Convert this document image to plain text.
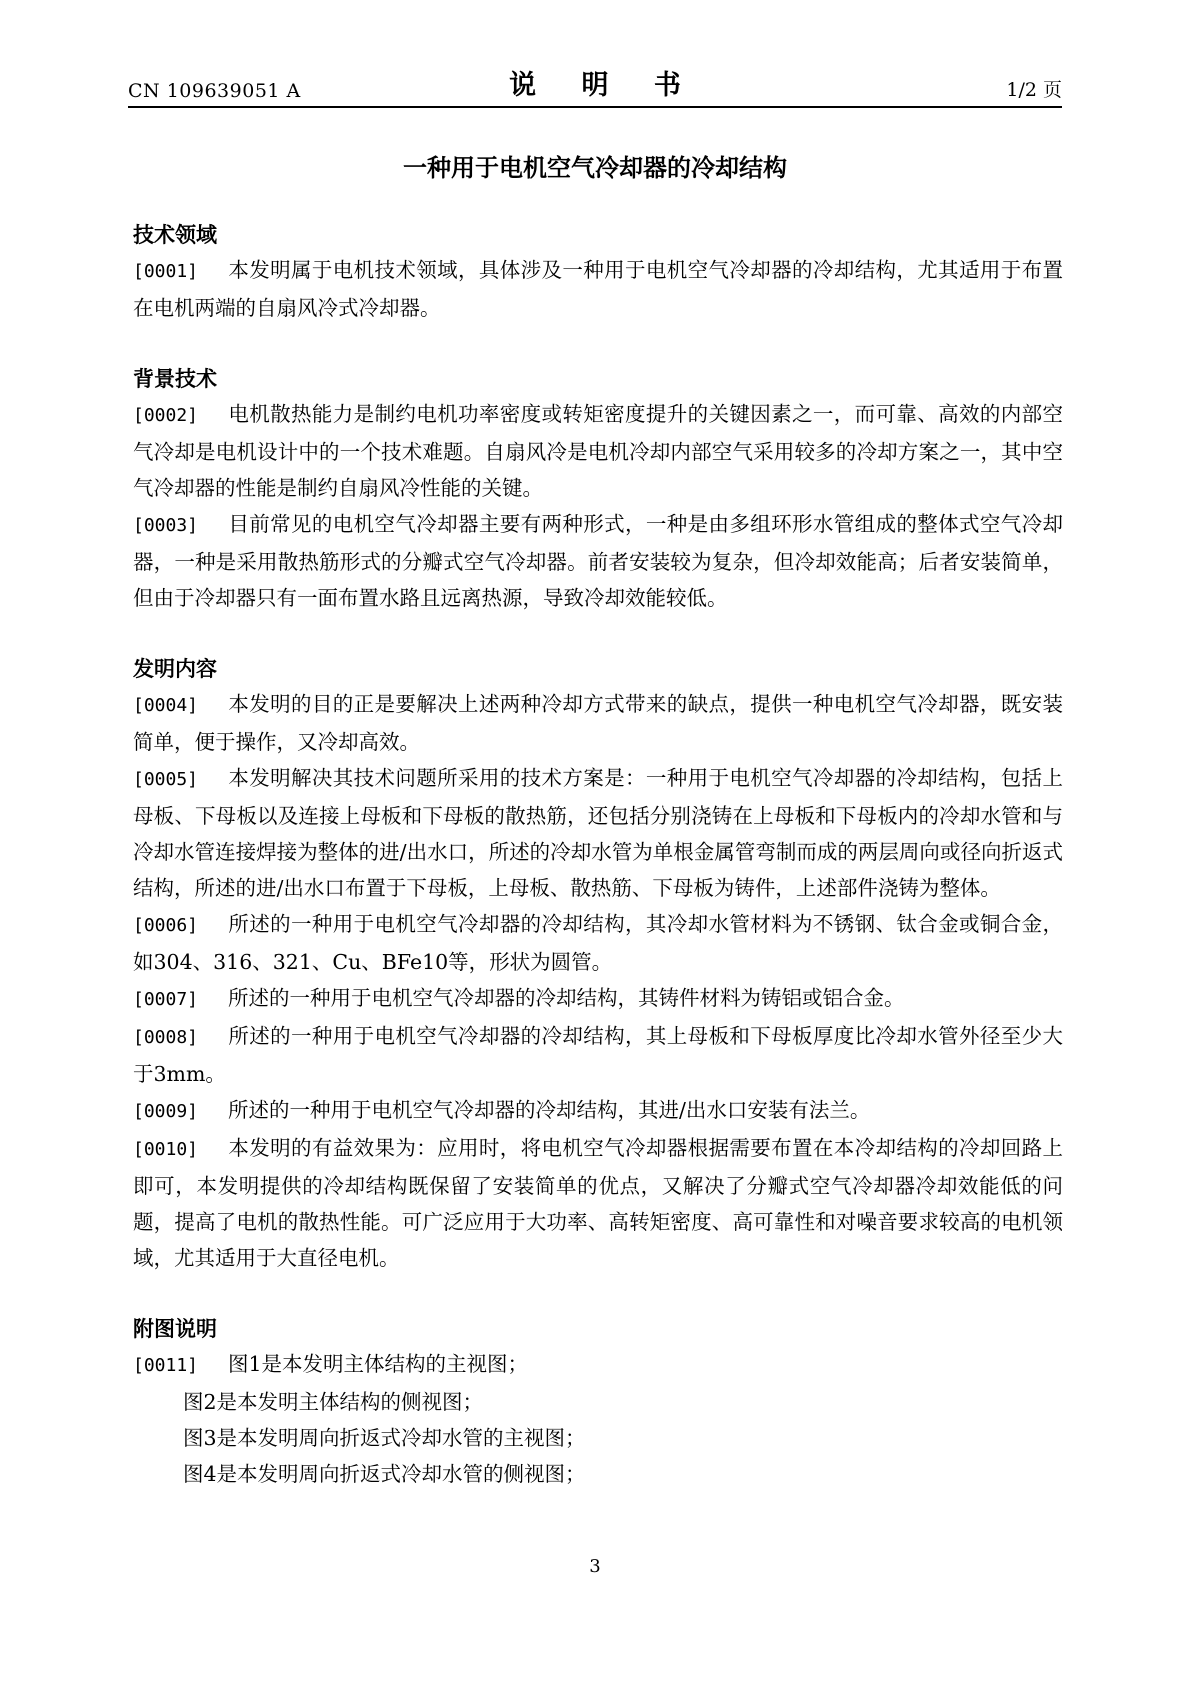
CN 109639051 A	说 明 书	1/2 页
一种用于电机空气冷却器的冷却结构
技术领域
[0001] 本发明属于电机技术领域，具体涉及一种用于电机空气冷却器的冷却结构，尤其适用于布置在电机两端的自扇风冷式冷却器。
背景技术
[0002] 电机散热能力是制约电机功率密度或转矩密度提升的关键因素之一，而可靠、高效的内部空气冷却是电机设计中的一个技术难题。自扇风冷是电机冷却内部空气采用较多的冷却方案之一，其中空气冷却器的性能是制约自扇风冷性能的关键。
[0003] 目前常见的电机空气冷却器主要有两种形式，一种是由多组环形水管组成的整体式空气冷却器，一种是采用散热筋形式的分瓣式空气冷却器。前者安装较为复杂，但冷却效能高；后者安装简单，但由于冷却器只有一面布置水路且远离热源，导致冷却效能较低。
发明内容
[0004] 本发明的目的正是要解决上述两种冷却方式带来的缺点，提供一种电机空气冷却器，既安装简单，便于操作，又冷却高效。
[0005] 本发明解决其技术问题所采用的技术方案是：一种用于电机空气冷却器的冷却结构，包括上母板、下母板以及连接上母板和下母板的散热筋，还包括分别浇铸在上母板和下母板内的冷却水管和与冷却水管连接焊接为整体的进/出水口，所述的冷却水管为单根金属管弯制而成的两层周向或径向折返式结构，所述的进/出水口布置于下母板，上母板、散热筋、下母板为铸件，上述部件浇铸为整体。
[0006] 所述的一种用于电机空气冷却器的冷却结构，其冷却水管材料为不锈钢、钛合金或铜合金，如304、316、321、Cu、BFe10等，形状为圆管。
[0007] 所述的一种用于电机空气冷却器的冷却结构，其铸件材料为铸铝或铝合金。
[0008] 所述的一种用于电机空气冷却器的冷却结构，其上母板和下母板厚度比冷却水管外径至少大于3mm。
[0009] 所述的一种用于电机空气冷却器的冷却结构，其进/出水口安装有法兰。
[0010] 本发明的有益效果为：应用时，将电机空气冷却器根据需要布置在本冷却结构的冷却回路上即可，本发明提供的冷却结构既保留了安装简单的优点，又解决了分瓣式空气冷却器冷却效能低的问题，提高了电机的散热性能。可广泛应用于大功率、高转矩密度、高可靠性和对噪音要求较高的电机领域，尤其适用于大直径电机。
附图说明
[0011] 图1是本发明主体结构的主视图；
图2是本发明主体结构的侧视图；
图3是本发明周向折返式冷却水管的主视图；
图4是本发明周向折返式冷却水管的侧视图；
3
